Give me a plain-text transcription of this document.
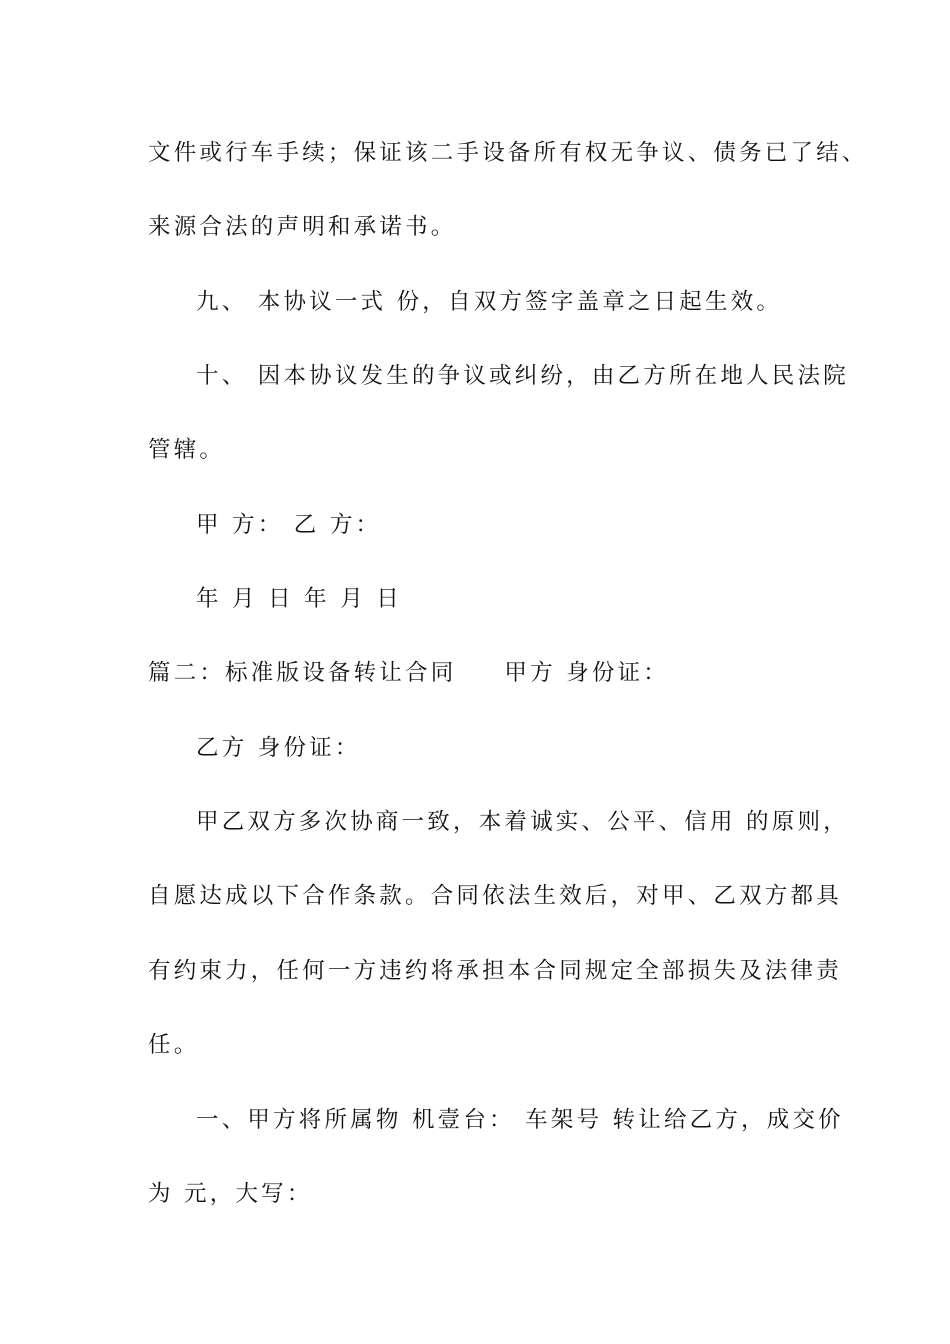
文件或行车手续；保证该二手设备所有权无争议、债务已了结、
来源合法的声明和承诺书。
九、 本协议一式 份，自双方签字盖章之日起生效。
十、 因本协议发生的争议或纠纷，由乙方所在地人民法院
管辖。
甲 方： 乙 方：
年 月 日 年 月 日
篇二：标准版设备转让合同 甲方 身份证：
乙方 身份证：
甲乙双方多次协商一致，本着诚实、公平、信用 的原则，
自愿达成以下合作条款。合同依法生效后，对甲、乙双方都具
有约束力，任何一方违约将承担本合同规定全部损失及法律责
任。
一、甲方将所属物 机壹台： 车架号 转让给乙方，成交价
为 元，大写：
